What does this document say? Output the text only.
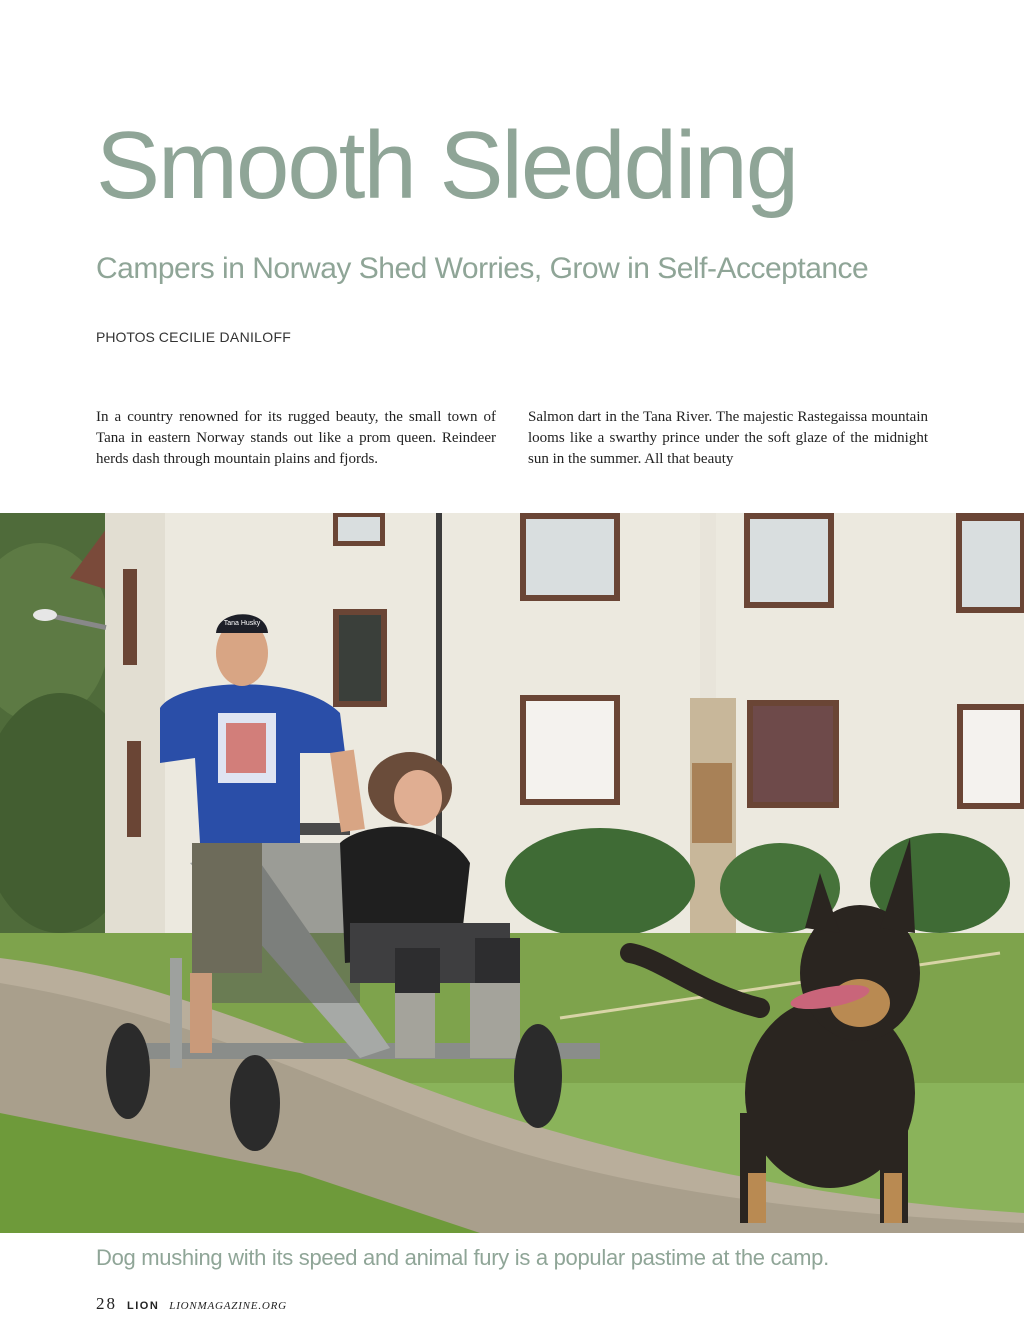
Smooth Sledding
Campers in Norway Shed Worries, Grow in Self-Acceptance
PHOTOS CECILIE DANILOFF

In a country renowned for its rugged beauty, the small town of Tana in eastern Norway stands out like a prom queen. Reindeer herds dash through mountain plains and fjords.

Salmon dart in the Tana River. The majestic Rastegaissa mountain looms like a swarthy prince under the soft glaze of the midnight sun in the summer. All that beauty

Tana Husky

Dog mushing with its speed and animal fury is a popular pastime at the camp.

28 LION LIONMAGAZINE.ORG
